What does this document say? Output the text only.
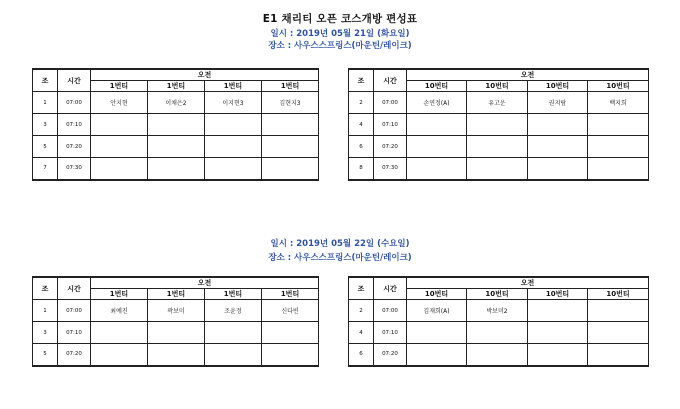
E1 채리티 오픈 코스개방 편성표
일시 : 2019년 05월 21일 (화요일)
장소 : 사우스스프링스(마운틴/레이크)
일시 : 2019년 05월 22일 (수요일)
장소 : 사우스스프링스(마운틴/레이크)
조	시간	오전			
		1번티	1번티	1번티	1번티
1	07:00	안지현	이채은2	이지현3	김현지3
3	07:10				
5	07:20				
7	07:30				
조	시간	오전			
		10번티	10번티	10번티	10번티
2	07:00	손연정(A)	유고운	권지람	백지희
4	07:10				
6	07:20				
8	07:30				
조	시간	오전			
		1번티	1번티	1번티	1번티
1	07:00	최예진	곽보미	조윤정	신다빈
3	07:10				
5	07:20				
조	시간	오전			
		10번티	10번티	10번티	10번티
2	07:00	김재희(A)	박보미2		
4	07:10				
6	07:20				
